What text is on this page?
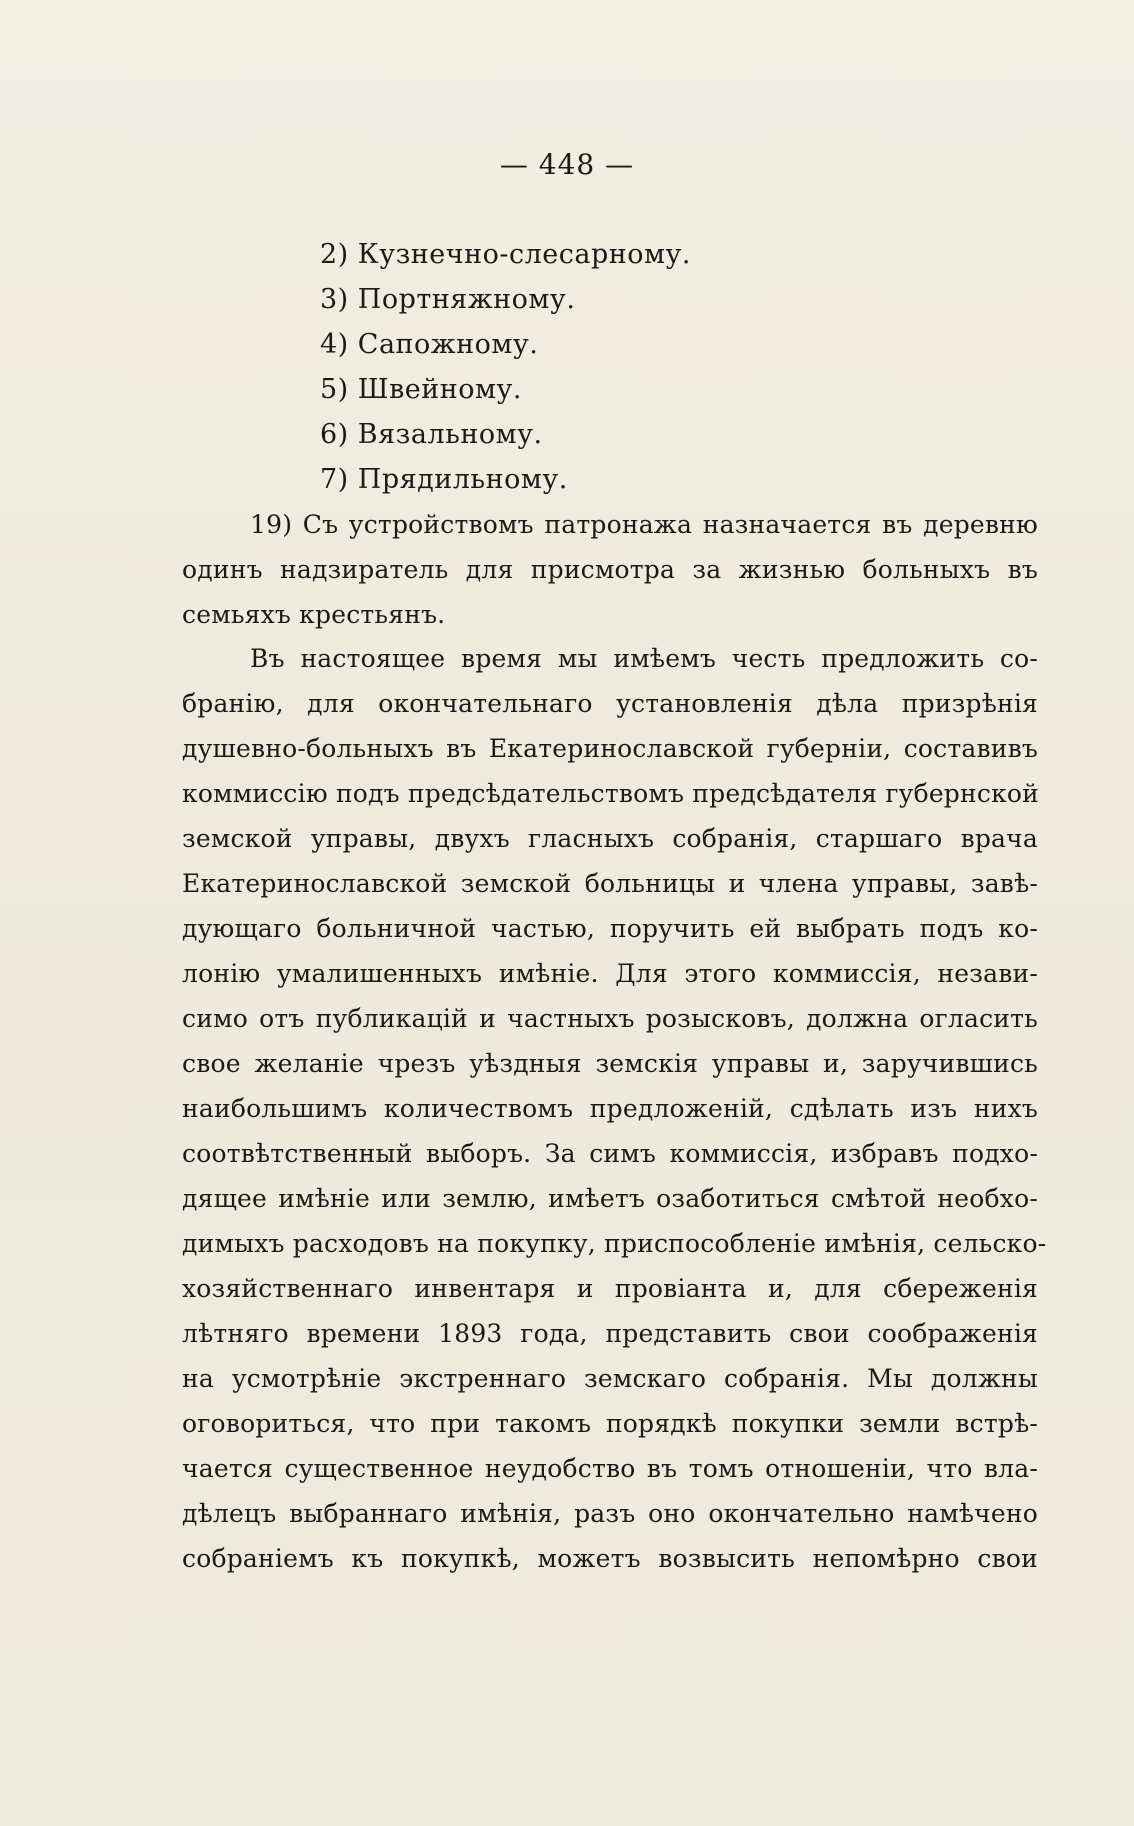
— 448 —
2) Кузнечно-слесарному.
3) Портняжному.
4) Сапожному.
5) Швейному.
6) Вязальному.
7) Прядильному.

19) Съ устройствомъ патронажа назначается въ деревню
одинъ надзиратель для присмотра за жизнью больныхъ въ
семьяхъ крестьянъ.

Въ настоящее время мы имѣемъ честь предложить со-
бранію, для окончательнаго установленія дѣла призрѣнія
душевно-больныхъ въ Екатеринославской губерніи, составивъ
коммиссію подъ предсѣдательствомъ предсѣдателя губернской
земской управы, двухъ гласныхъ собранія, старшаго врача
Екатеринославской земской больницы и члена управы, завѣ-
дующаго больничной частью, поручить ей выбрать подъ ко-
лонію умалишенныхъ имѣніе. Для этого коммиссія, незави-
симо отъ публикацій и частныхъ розысковъ, должна огласить
свое желаніе чрезъ уѣздныя земскія управы и, заручившись
наибольшимъ количествомъ предложеній, сдѣлать изъ нихъ
соотвѣтственный выборъ. За симъ коммиссія, избравъ подхо-
дящее имѣніе или землю, имѣетъ озаботиться смѣтой необхо-
димыхъ расходовъ на покупку, приспособленіе имѣнія, сельско-
хозяйственнаго инвентаря и провіанта и, для сбереженія
лѣтняго времени 1893 года, представить свои соображенія
на усмотрѣніе экстреннаго земскаго собранія. Мы должны
оговориться, что при такомъ порядкѣ покупки земли встрѣ-
чается существенное неудобство въ томъ отношеніи, что вла-
дѣлецъ выбраннаго имѣнія, разъ оно окончательно намѣчено
собраніемъ къ покупкѣ, можетъ возвысить непомѣрно свои
